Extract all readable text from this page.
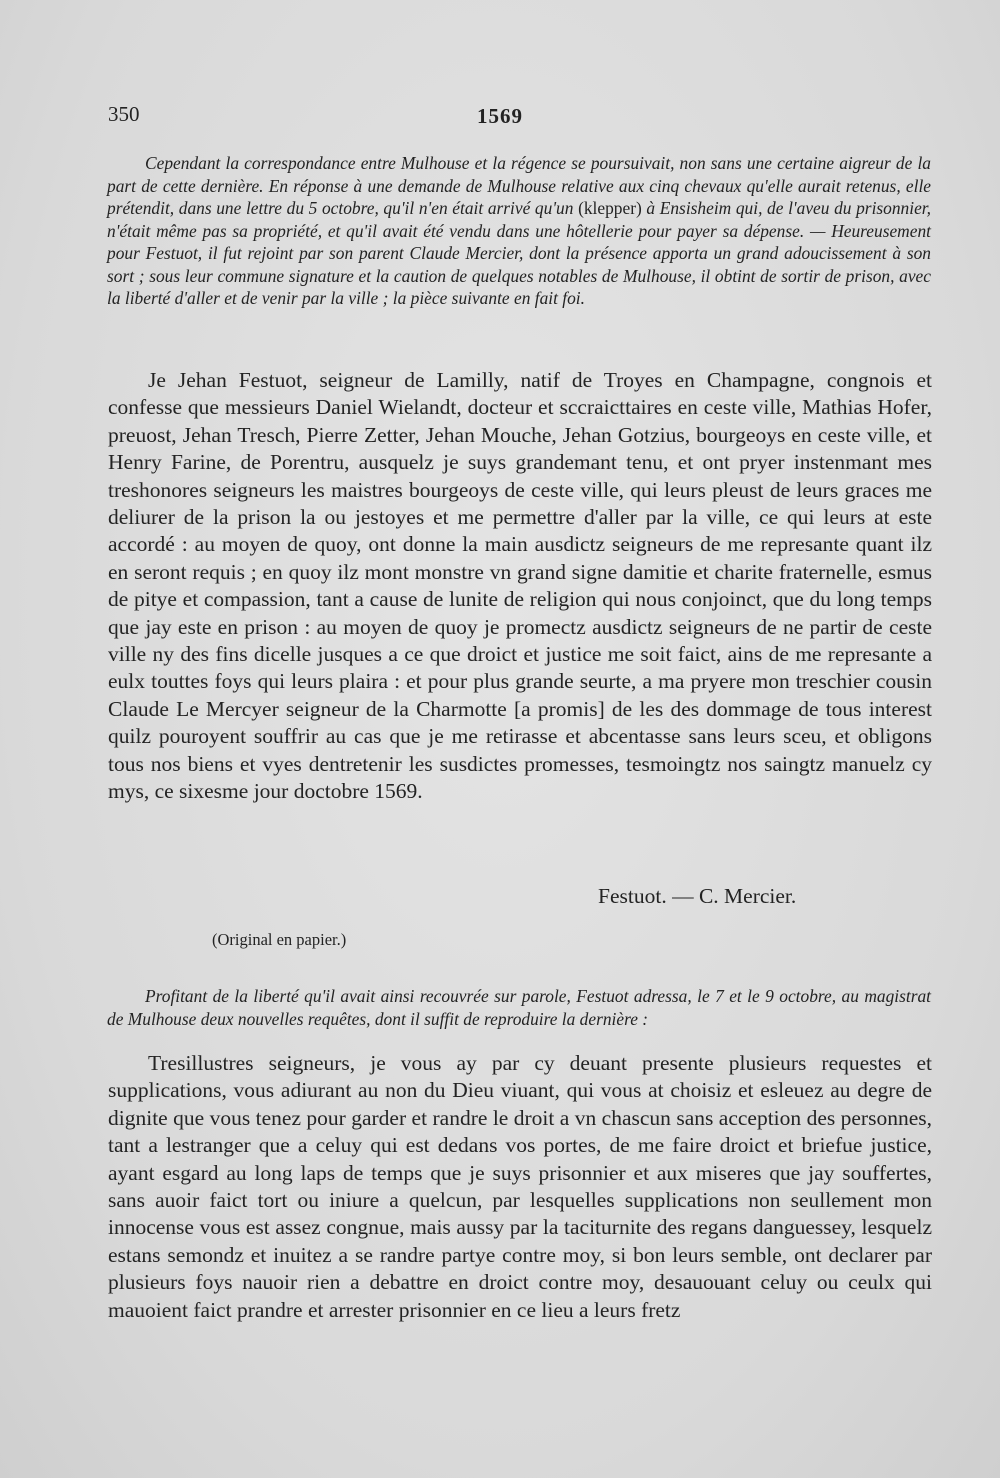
350	1569

Cependant la correspondance entre Mulhouse et la régence se poursuivait, non sans une certaine aigreur de la part de cette dernière. En réponse à une demande de Mulhouse relative aux cinq chevaux qu'elle aurait retenus, elle prétendit, dans une lettre du 5 octobre, qu'il n'en était arrivé qu'un (klepper) à Ensisheim qui, de l'aveu du prisonnier, n'était même pas sa propriété, et qu'il avait été vendu dans une hôtellerie pour payer sa dépense. — Heureusement pour Festuot, il fut rejoint par son parent Claude Mercier, dont la présence apporta un grand adoucissement à son sort ; sous leur commune signature et la caution de quelques notables de Mulhouse, il obtint de sortir de prison, avec la liberté d'aller et de venir par la ville ; la pièce suivante en fait foi.

Je Jehan Festuot, seigneur de Lamilly, natif de Troyes en Champagne, congnois et confesse que messieurs Daniel Wielandt, docteur et sccraicttaires en ceste ville, Mathias Hofer, preuost, Jehan Tresch, Pierre Zetter, Jehan Mouche, Jehan Gotzius, bourgeoys en ceste ville, et Henry Farine, de Porentru, ausquelz je suys grandemant tenu, et ont pryer instenmant mes treshonores seigneurs les maistres bourgeoys de ceste ville, qui leurs pleust de leurs graces me deliurer de la prison la ou jestoyes et me permettre d'aller par la ville, ce qui leurs at este accordé : au moyen de quoy, ont donne la main ausdictz seigneurs de me represante quant ilz en seront requis ; en quoy ilz mont monstre vn grand signe damitie et charite fraternelle, esmus de pitye et compassion, tant a cause de lunite de religion qui nous conjoinct, que du long temps que jay este en prison : au moyen de quoy je promectz ausdictz seigneurs de ne partir de ceste ville ny des fins dicelle jusques a ce que droict et justice me soit faict, ains de me represante a eulx touttes foys qui leurs plaira : et pour plus grande seurte, a ma pryere mon treschier cousin Claude Le Mercyer seigneur de la Charmotte [a promis] de les des dommage de tous interest quilz pouroyent souffrir au cas que je me retirasse et abcentasse sans leurs sceu, et obligons tous nos biens et vyes dentretenir les susdictes promesses, tesmoingtz nos saingtz manuelz cy mys, ce sixesme jour doctobre 1569.

Festuot. — C. Mercier.
(Original en papier.)

Profitant de la liberté qu'il avait ainsi recouvrée sur parole, Festuot adressa, le 7 et le 9 octobre, au magistrat de Mulhouse deux nouvelles requêtes, dont il suffit de reproduire la dernière :

Tresillustres seigneurs, je vous ay par cy deuant presente plusieurs requestes et supplications, vous adiurant au non du Dieu viuant, qui vous at choisiz et esleuez au degre de dignite que vous tenez pour garder et randre le droit a vn chascun sans acception des personnes, tant a lestranger que a celuy qui est dedans vos portes, de me faire droict et briefue justice, ayant esgard au long laps de temps que je suys prisonnier et aux miseres que jay souffertes, sans auoir faict tort ou iniure a quelcun, par lesquelles supplications non seullement mon innocense vous est assez congnue, mais aussy par la taciturnite des regans danguessey, lesquelz estans semondz et inuitez a se randre partye contre moy, si bon leurs semble, ont declarer par plusieurs foys nauoir rien a debattre en droict contre moy, desauouant celuy ou ceulx qui mauoient faict prandre et arrester prisonnier en ce lieu a leurs fretz
